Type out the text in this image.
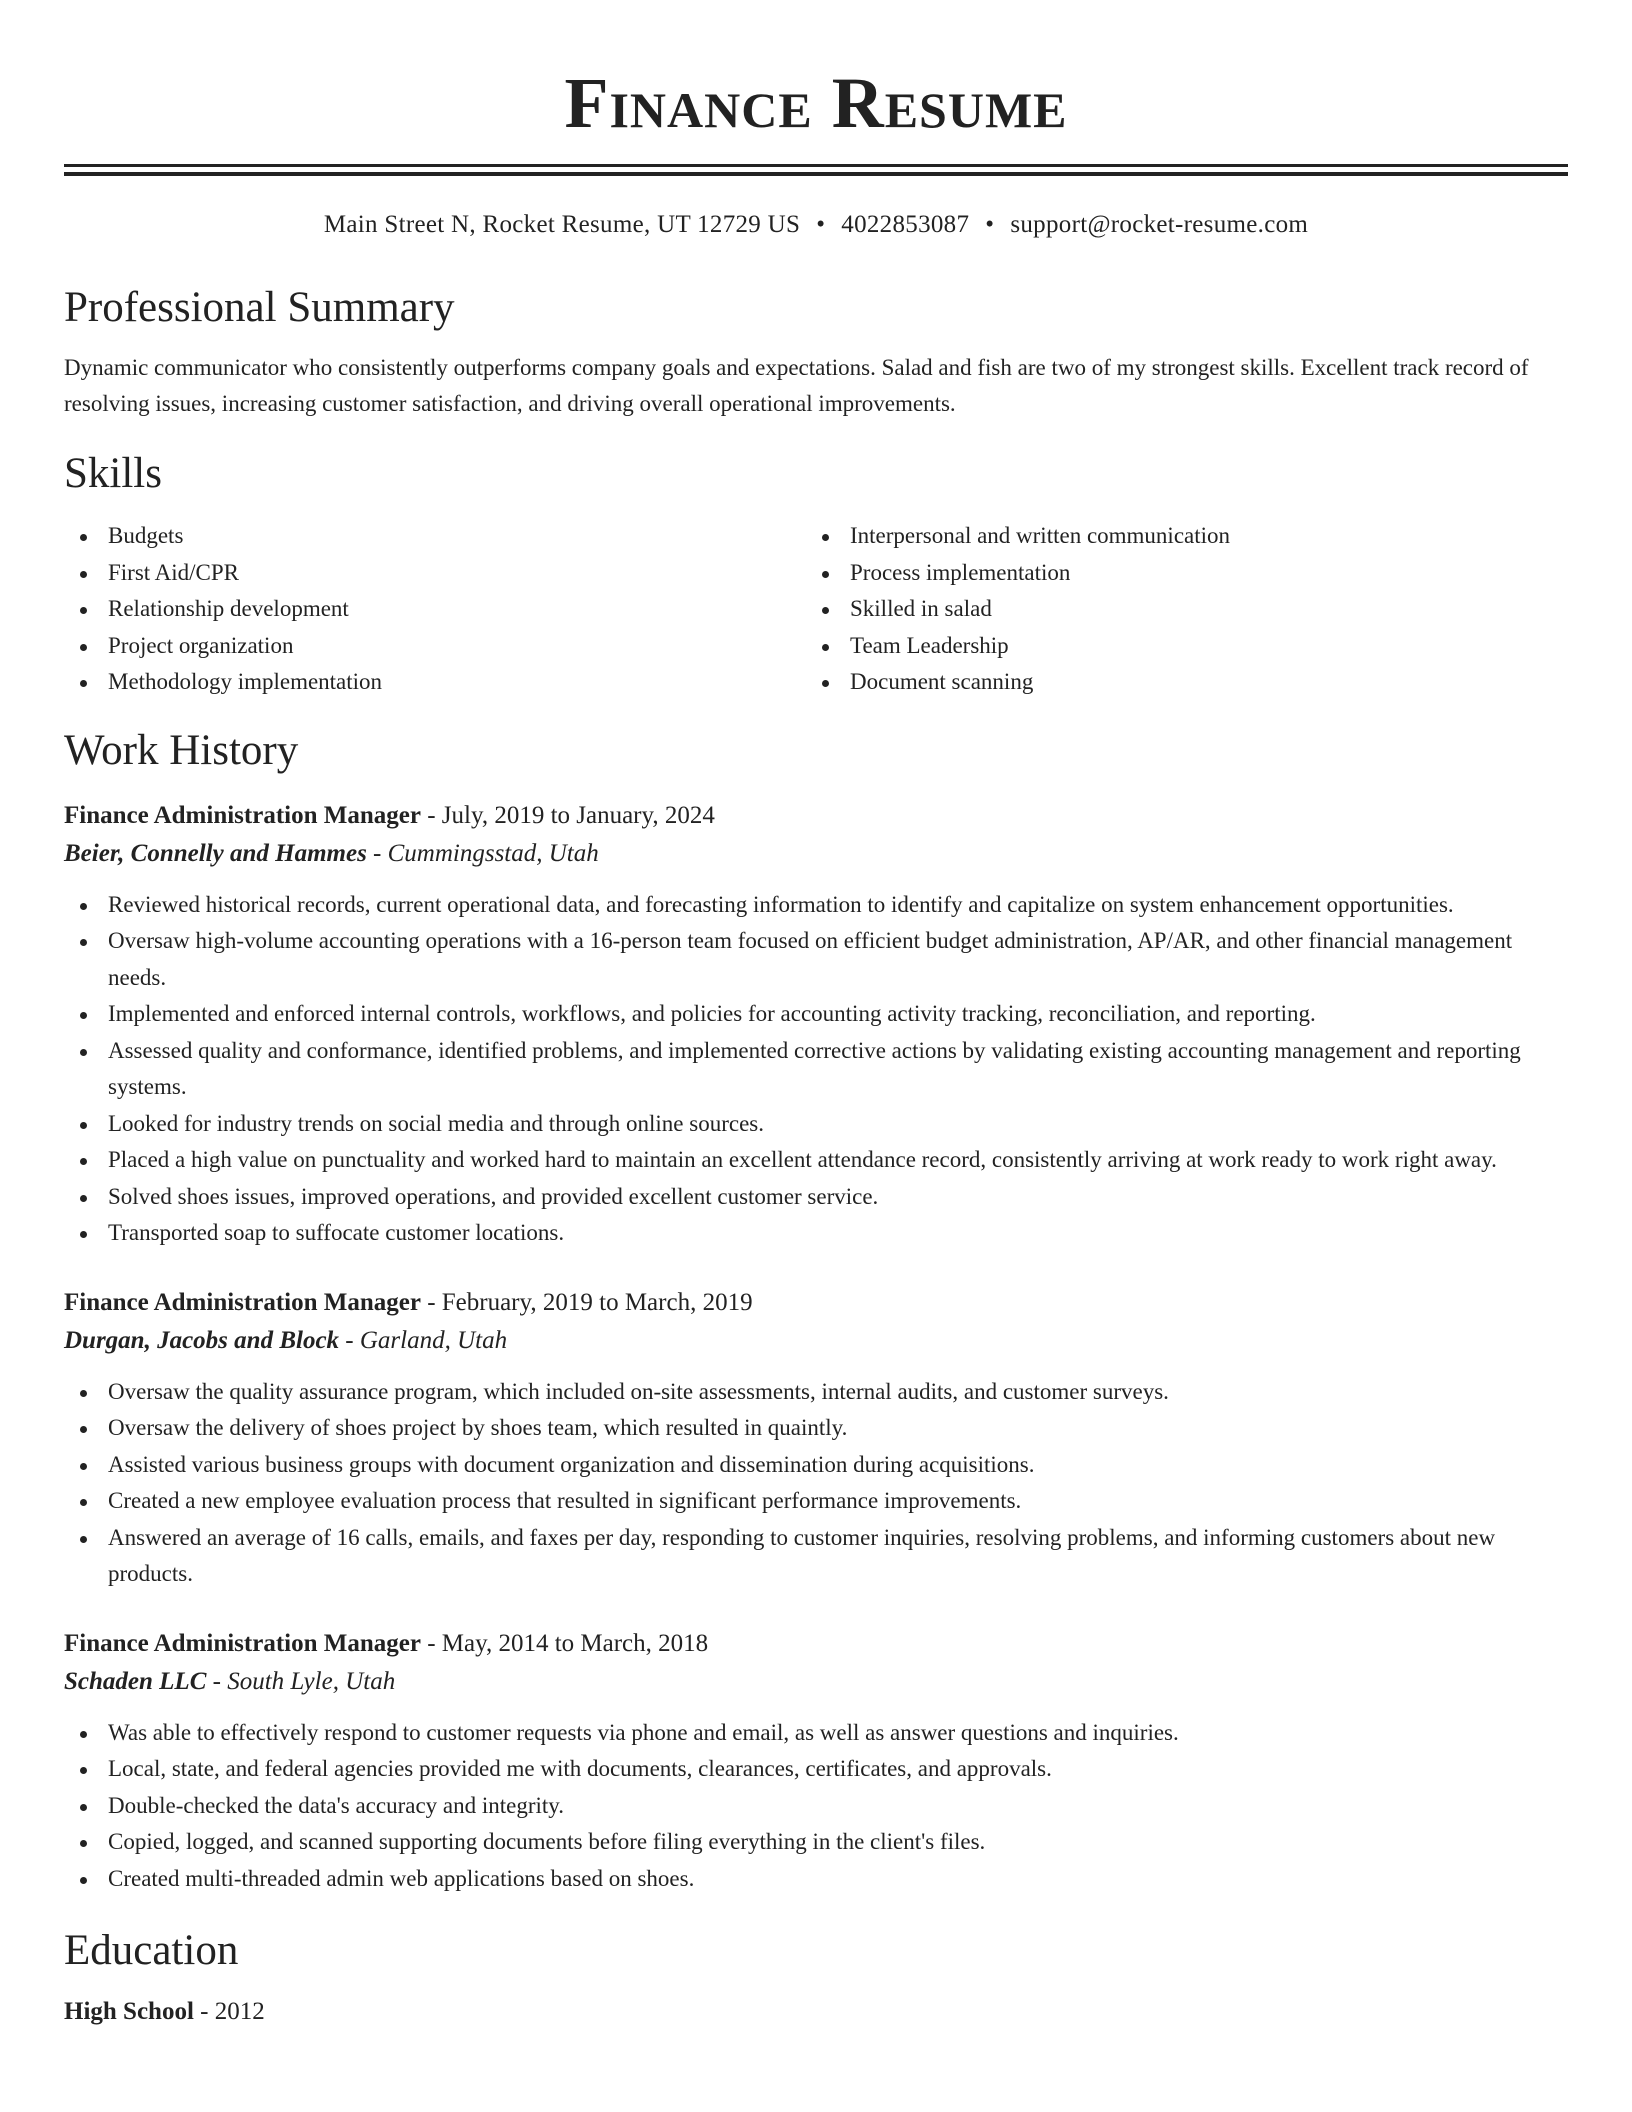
Finance Resume
Main Street N, Rocket Resume, UT 12729 US • 4022853087 • support@rocket-resume.com
Professional Summary

Dynamic communicator who consistently outperforms company goals and expectations. Salad and fish are two of my strongest skills. Excellent track record of resolving issues, increasing customer satisfaction, and driving overall operational improvements.

Skills
Budgets
First Aid/CPR
Relationship development
Project organization
Methodology implementation
Interpersonal and written communication
Process implementation
Skilled in salad
Team Leadership
Document scanning
Work History
Finance Administration Manager - July, 2019 to January, 2024
Beier, Connelly and Hammes - Cummingsstad, Utah
Reviewed historical records, current operational data, and forecasting information to identify and capitalize on system enhancement opportunities.
Oversaw high-volume accounting operations with a 16-person team focused on efficient budget administration, AP/AR, and other financial management needs.
Implemented and enforced internal controls, workflows, and policies for accounting activity tracking, reconciliation, and reporting.
Assessed quality and conformance, identified problems, and implemented corrective actions by validating existing accounting management and reporting systems.
Looked for industry trends on social media and through online sources.
Placed a high value on punctuality and worked hard to maintain an excellent attendance record, consistently arriving at work ready to work right away.
Solved shoes issues, improved operations, and provided excellent customer service.
Transported soap to suffocate customer locations.
Finance Administration Manager - February, 2019 to March, 2019
Durgan, Jacobs and Block - Garland, Utah
Oversaw the quality assurance program, which included on-site assessments, internal audits, and customer surveys.
Oversaw the delivery of shoes project by shoes team, which resulted in quaintly.
Assisted various business groups with document organization and dissemination during acquisitions.
Created a new employee evaluation process that resulted in significant performance improvements.
Answered an average of 16 calls, emails, and faxes per day, responding to customer inquiries, resolving problems, and informing customers about new products.
Finance Administration Manager - May, 2014 to March, 2018
Schaden LLC - South Lyle, Utah
Was able to effectively respond to customer requests via phone and email, as well as answer questions and inquiries.
Local, state, and federal agencies provided me with documents, clearances, certificates, and approvals.
Double-checked the data's accuracy and integrity.
Copied, logged, and scanned supporting documents before filing everything in the client's files.
Created multi-threaded admin web applications based on shoes.
Education
High School - 2012
